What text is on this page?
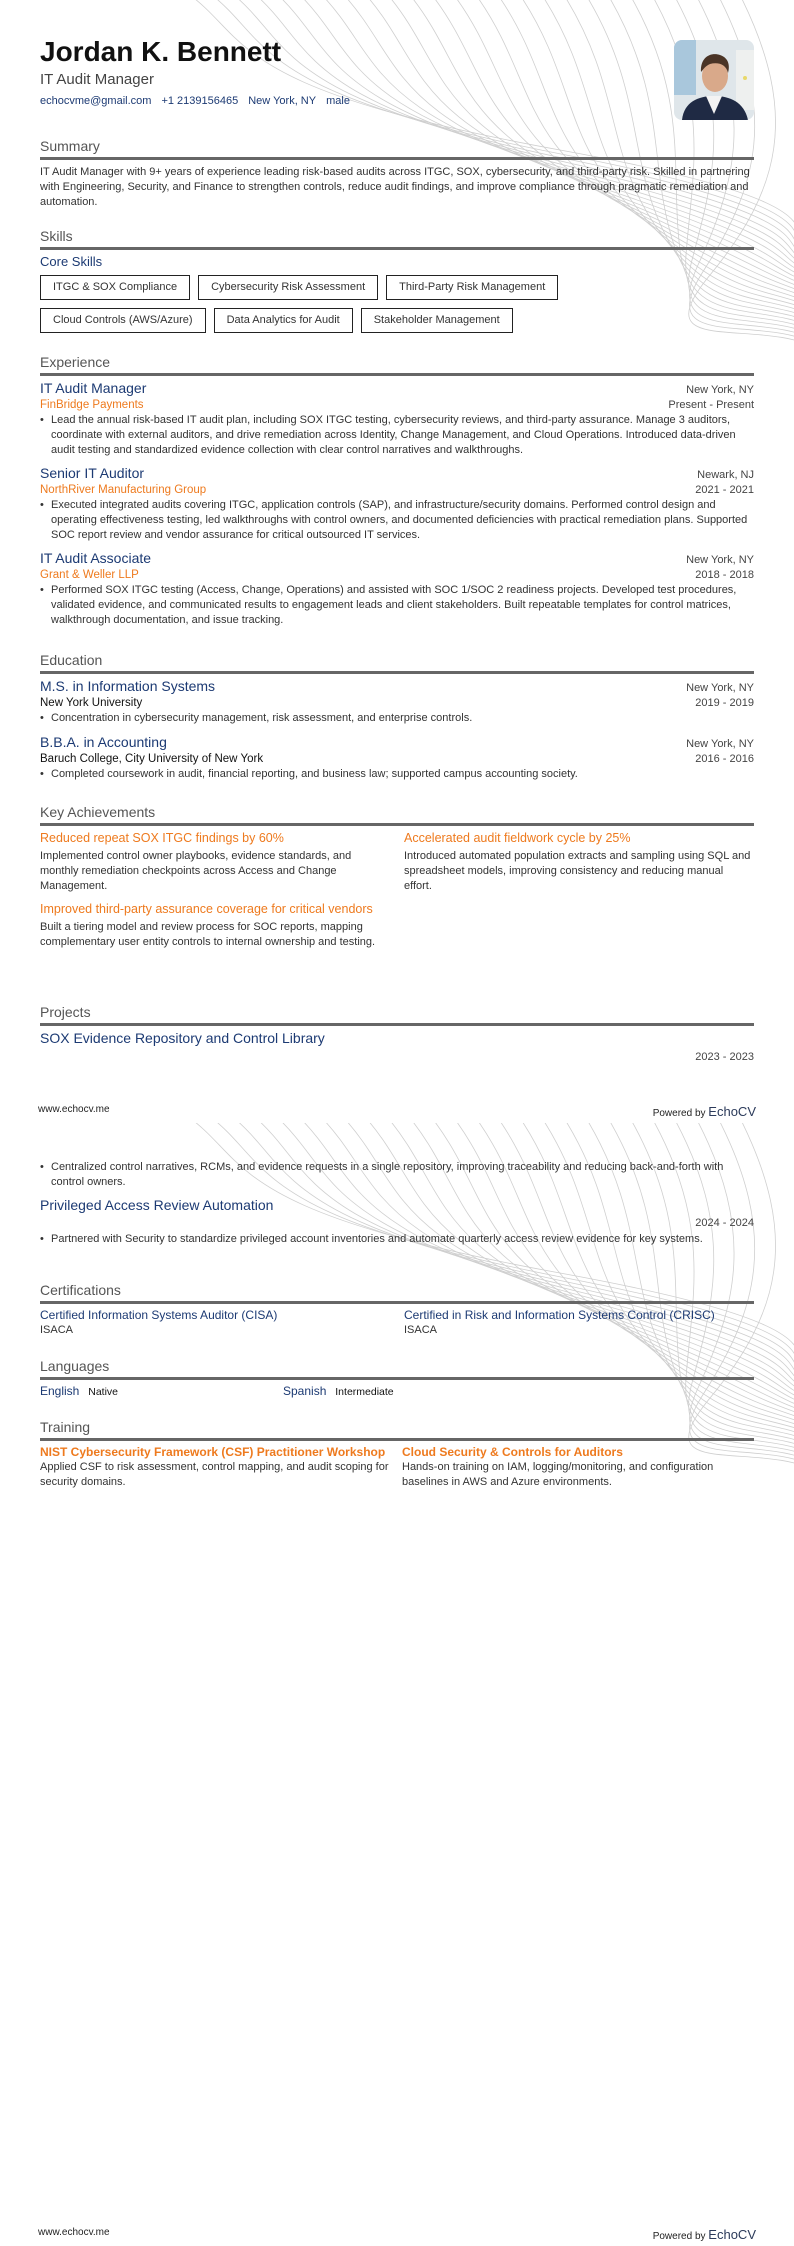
Jordan K. Bennett
IT Audit Manager
echocvme@gmail.com +1 2139156465 New York, NY male
Summary
IT Audit Manager with 9+ years of experience leading risk-based audits across ITGC, SOX, cybersecurity, and third-party risk. Skilled in partnering with Engineering, Security, and Finance to strengthen controls, reduce audit findings, and improve compliance through pragmatic remediation and automation.
Skills
Core Skills
ITGC & SOX Compliance	Cybersecurity Risk Assessment	Third-Party Risk Management
Cloud Controls (AWS/Azure)	Data Analytics for Audit	Stakeholder Management
Experience
IT Audit Manager	New York, NY
FinBridge Payments	Present - Present
• Lead the annual risk-based IT audit plan, including SOX ITGC testing, cybersecurity reviews, and third-party assurance. Manage 3 auditors, coordinate with external auditors, and drive remediation across Identity, Change Management, and Cloud Operations. Introduced data-driven audit testing and standardized evidence collection with clear control narratives and walkthroughs.
Senior IT Auditor	Newark, NJ
NorthRiver Manufacturing Group	2021 - 2021
• Executed integrated audits covering ITGC, application controls (SAP), and infrastructure/security domains. Performed control design and operating effectiveness testing, led walkthroughs with control owners, and documented deficiencies with practical remediation plans. Supported SOC report review and vendor assurance for critical outsourced IT services.
IT Audit Associate	New York, NY
Grant & Weller LLP	2018 - 2018
• Performed SOX ITGC testing (Access, Change, Operations) and assisted with SOC 1/SOC 2 readiness projects. Developed test procedures, validated evidence, and communicated results to engagement leads and client stakeholders. Built repeatable templates for control matrices, walkthrough documentation, and issue tracking.
Education
M.S. in Information Systems	New York, NY
New York University	2019 - 2019
• Concentration in cybersecurity management, risk assessment, and enterprise controls.
B.B.A. in Accounting	New York, NY
Baruch College, City University of New York	2016 - 2016
• Completed coursework in audit, financial reporting, and business law; supported campus accounting society.
Key Achievements
Reduced repeat SOX ITGC findings by 60%
Implemented control owner playbooks, evidence standards, and monthly remediation checkpoints across Access and Change Management.
Accelerated audit fieldwork cycle by 25%
Introduced automated population extracts and sampling using SQL and spreadsheet models, improving consistency and reducing manual effort.
Improved third-party assurance coverage for critical vendors
Built a tiering model and review process for SOC reports, mapping complementary user entity controls to internal ownership and testing.
Projects
SOX Evidence Repository and Control Library
2023 - 2023
www.echocv.me	Powered by EchoCV
• Centralized control narratives, RCMs, and evidence requests in a single repository, improving traceability and reducing back-and-forth with control owners.
Privileged Access Review Automation
2024 - 2024
• Partnered with Security to standardize privileged account inventories and automate quarterly access review evidence for key systems.
Certifications
Certified Information Systems Auditor (CISA)
ISACA
Certified in Risk and Information Systems Control (CRISC)
ISACA
Languages
English Native	Spanish Intermediate
Training
NIST Cybersecurity Framework (CSF) Practitioner Workshop
Applied CSF to risk assessment, control mapping, and audit scoping for security domains.
Cloud Security & Controls for Auditors
Hands-on training on IAM, logging/monitoring, and configuration baselines in AWS and Azure environments.
www.echocv.me	Powered by EchoCV
